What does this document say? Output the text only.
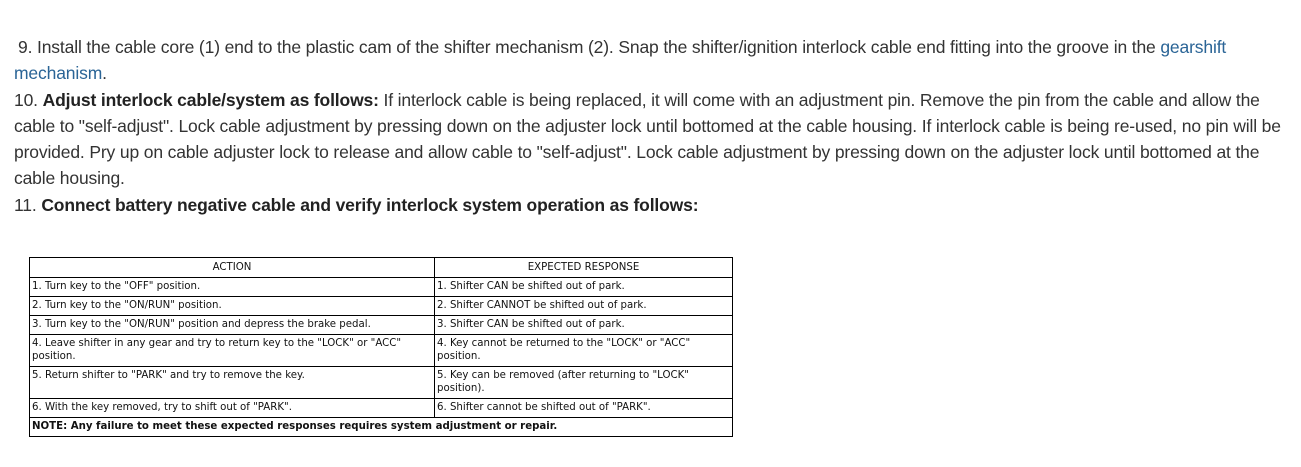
9. Install the cable core (1) end to the plastic cam of the shifter mechanism (2). Snap the shifter/ignition interlock cable end fitting into the groove in the gearshift mechanism.

10. Adjust interlock cable/system as follows: If interlock cable is being replaced, it will come with an adjustment pin. Remove the pin from the cable and allow the cable to "self-adjust". Lock cable adjustment by pressing down on the adjuster lock until bottomed at the cable housing. If interlock cable is being re-used, no pin will be provided. Pry up on cable adjuster lock to release and allow cable to "self-adjust". Lock cable adjustment by pressing down on the adjuster lock until bottomed at the cable housing.

11. Connect battery negative cable and verify interlock system operation as follows:

ACTION	EXPECTED RESPONSE
1. Turn key to the "OFF" position.	1. Shifter CAN be shifted out of park.
2. Turn key to the "ON/RUN" position.	2. Shifter CANNOT be shifted out of park.
3. Turn key to the "ON/RUN" position and depress the brake pedal.	3. Shifter CAN be shifted out of park.
4. Leave shifter in any gear and try to return key to the "LOCK" or "ACC" position.	4. Key cannot be returned to the "LOCK" or "ACC" position.
5. Return shifter to "PARK" and try to remove the key.	5. Key can be removed (after returning to "LOCK" position).
6. With the key removed, try to shift out of "PARK".	6. Shifter cannot be shifted out of "PARK".
NOTE: Any failure to meet these expected responses requires system adjustment or repair.	
